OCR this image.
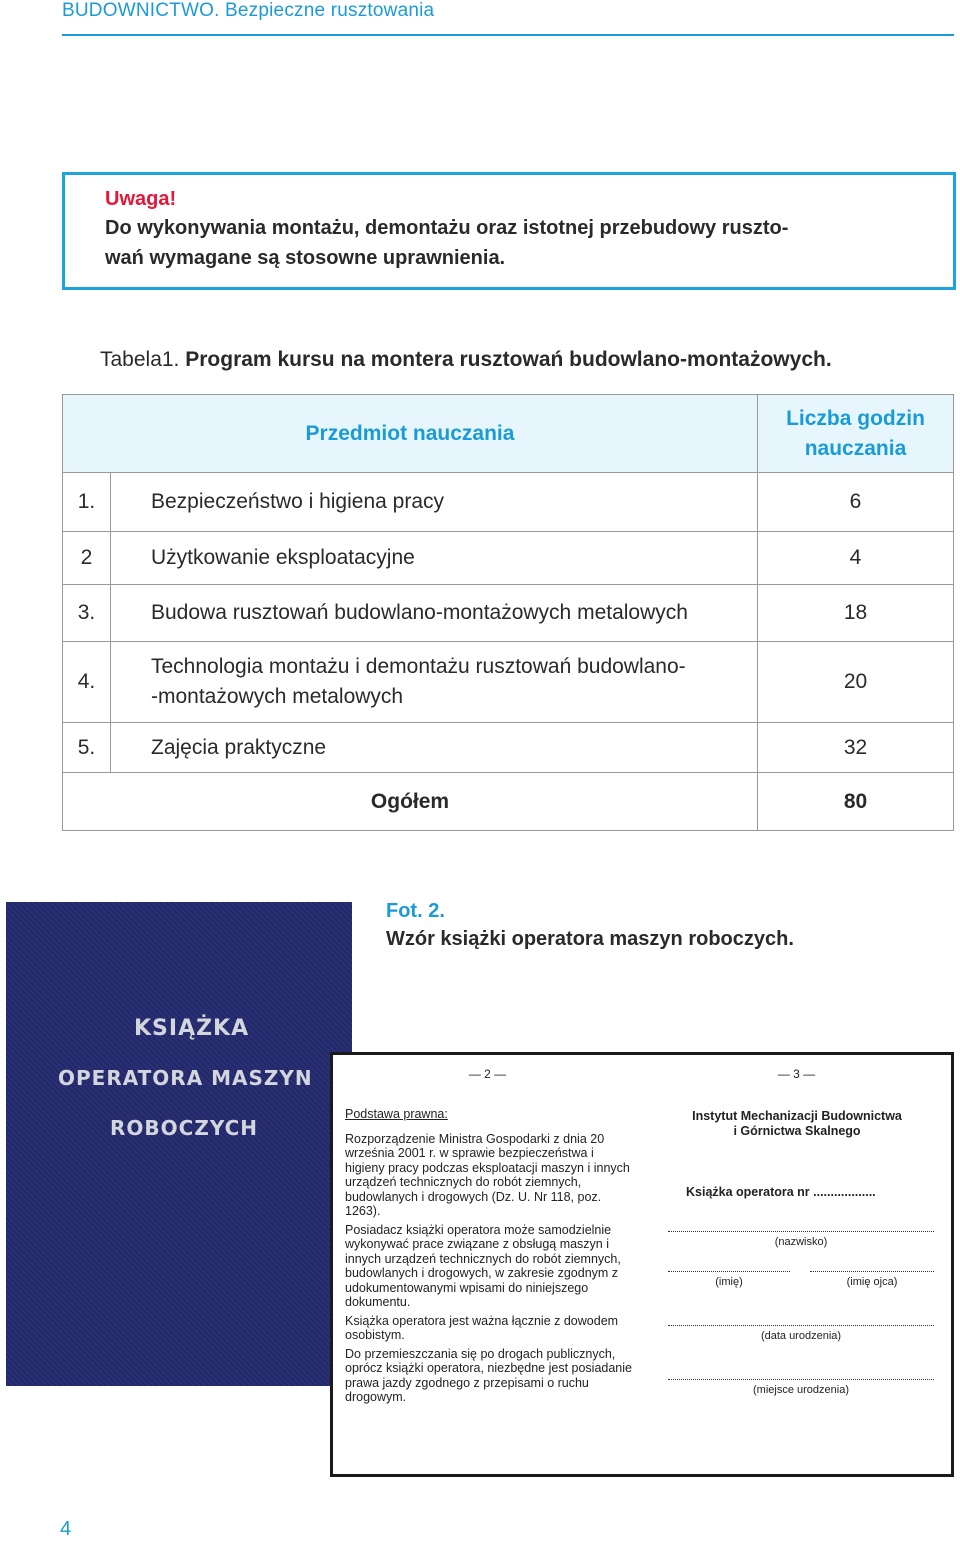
BUDOWNICTWO. Bezpieczne rusztowania
Uwaga!

Do wykonywania montażu, demontażu oraz istotnej przebudowy ruszto-

wań wymagane są stosowne uprawnienia.

Tabela1. Program kursu na montera rusztowań budowlano-montażowych.
Przedmiot nauczania		Liczba godzin
nauczania

1.	Bezpieczeństwo i higiena pracy	6
2	Użytkowanie eksploatacyjne	4
3.	Budowa rusztowań budowlano-montażowych metalowych	18
4.	Technologia montażu i demontażu rusztowań budowlano-
-montażowych metalowych	20
5.	Zajęcia praktyczne	32
Ogółem		80
Fot. 2.
Wzór książki operatora maszyn roboczych.
KSIĄŻKA
OPERATORA MASZYN
ROBOCZYCH
— 2 —

Podstawa prawna:

Rozporządzenie Ministra Gospodarki z dnia 20 września 2001 r. w sprawie bezpieczeństwa i higieny pracy podczas eksploatacji maszyn i innych urządzeń technicznych do robót ziemnych, budowlanych i drogowych (Dz. U. Nr 118, poz. 1263).

Posiadacz książki operatora może samodzielnie wykonywać prace związane z obsługą maszyn i innych urządzeń technicznych do robót ziemnych, budowlanych i drogowych, w zakresie zgodnym z udokumentowanymi wpisami do niniejszego dokumentu.

Książka operatora jest ważna łącznie z dowodem osobistym.

Do przemieszczania się po drogach publicznych, oprócz książki operatora, niezbędne jest posiadanie prawa jazdy zgodnego z przepisami o ruchu drogowym.

— 3 —
Instytut Mechanizacji Budownictwa
i Górnictwa Skalnego
Książka operatora nr ..................
(nazwisko)
(imię)	(imię ojca)
(data urodzenia)
(miejsce urodzenia)
4
